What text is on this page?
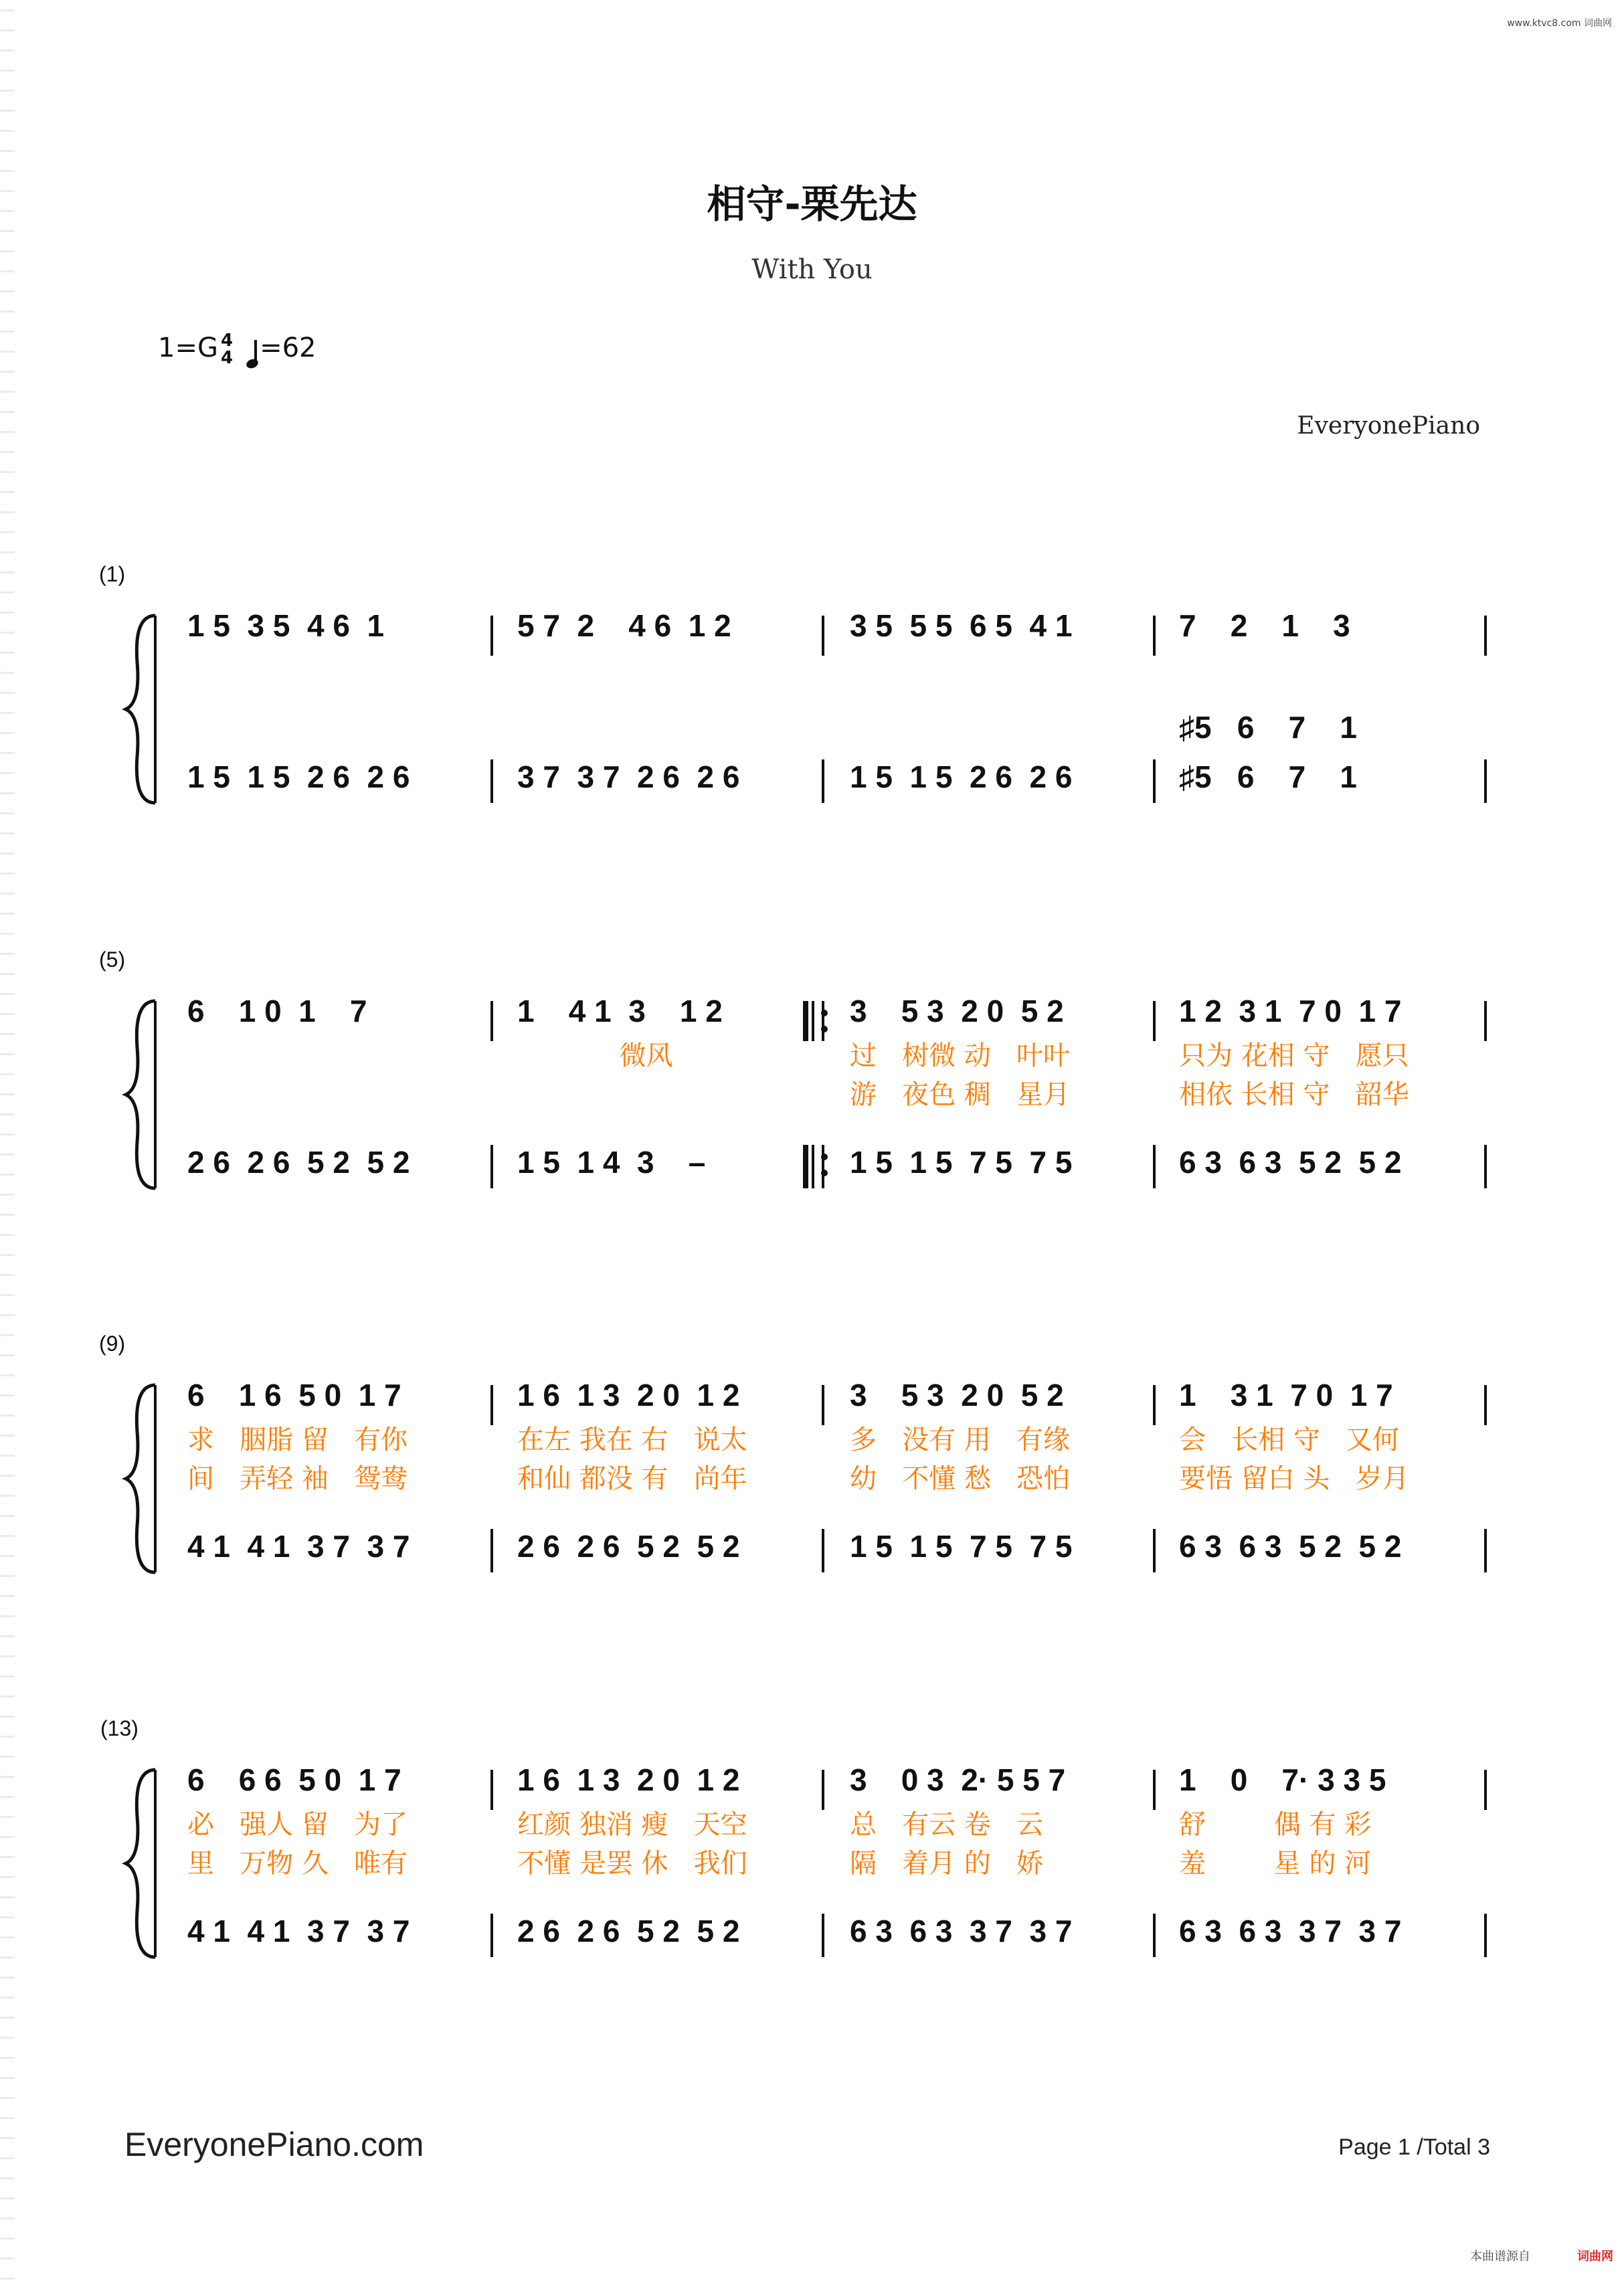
www.ktvc8.com 词曲网
相守-栗先达
With You
1=G 4
4 =62
EveryonePiano
(1)
1 5  3 5  4 6  1
1 5  1 5  2 6  2 6
5 7  2    4 6  1 2
3 7  3 7  2 6  2 6
3 5  5 5  6 5  4 1
1 5  1 5  2 6  2 6
7    2    1    3
♯5   6    7    1
♯5   6    7    1
(5)
6    1 0  1    7
2 6  2 6  5 2  5 2
1    4 1  3    1 2
微风
1 5  1 4  3    –
3    5 3  2 0  5 2
过   树微 动   叶叶
游   夜色 稠   星月
1 5  1 5  7 5  7 5
1 2  3 1  7 0  1 7
只为 花相 守   愿只
相依 长相 守   韶华
6 3  6 3  5 2  5 2
(9)
6    1 6  5 0  1 7
求   胭脂 留   有你
间   弄轻 袖   鸳鸯
4 1  4 1  3 7  3 7
1 6  1 3  2 0  1 2
在左 我在 右   说太
和仙 都没 有   尚年
2 6  2 6  5 2  5 2
3    5 3  2 0  5 2
多   没有 用   有缘
幼   不懂 愁   恐怕
1 5  1 5  7 5  7 5
1    3 1  7 0  1 7
会   长相 守   又何
要悟 留白 头   岁月
6 3  6 3  5 2  5 2
(13)
6    6 6  5 0  1 7
必   强人 留   为了
里   万物 久   唯有
4 1  4 1  3 7  3 7
1 6  1 3  2 0  1 2
红颜 独消 瘦   天空
不懂 是罢 休   我们
2 6  2 6  5 2  5 2
3    0 3  2· 5 5 7
总   有云 卷   云
隔   着月 的   娇
6 3  6 3  3 7  3 7
1    0    7· 3 3 5
舒        偶 有 彩
羞        星 的 河
6 3  6 3  3 7  3 7
EveryonePiano.com	Page 1 /Total 3
本曲谱源自	词曲网
